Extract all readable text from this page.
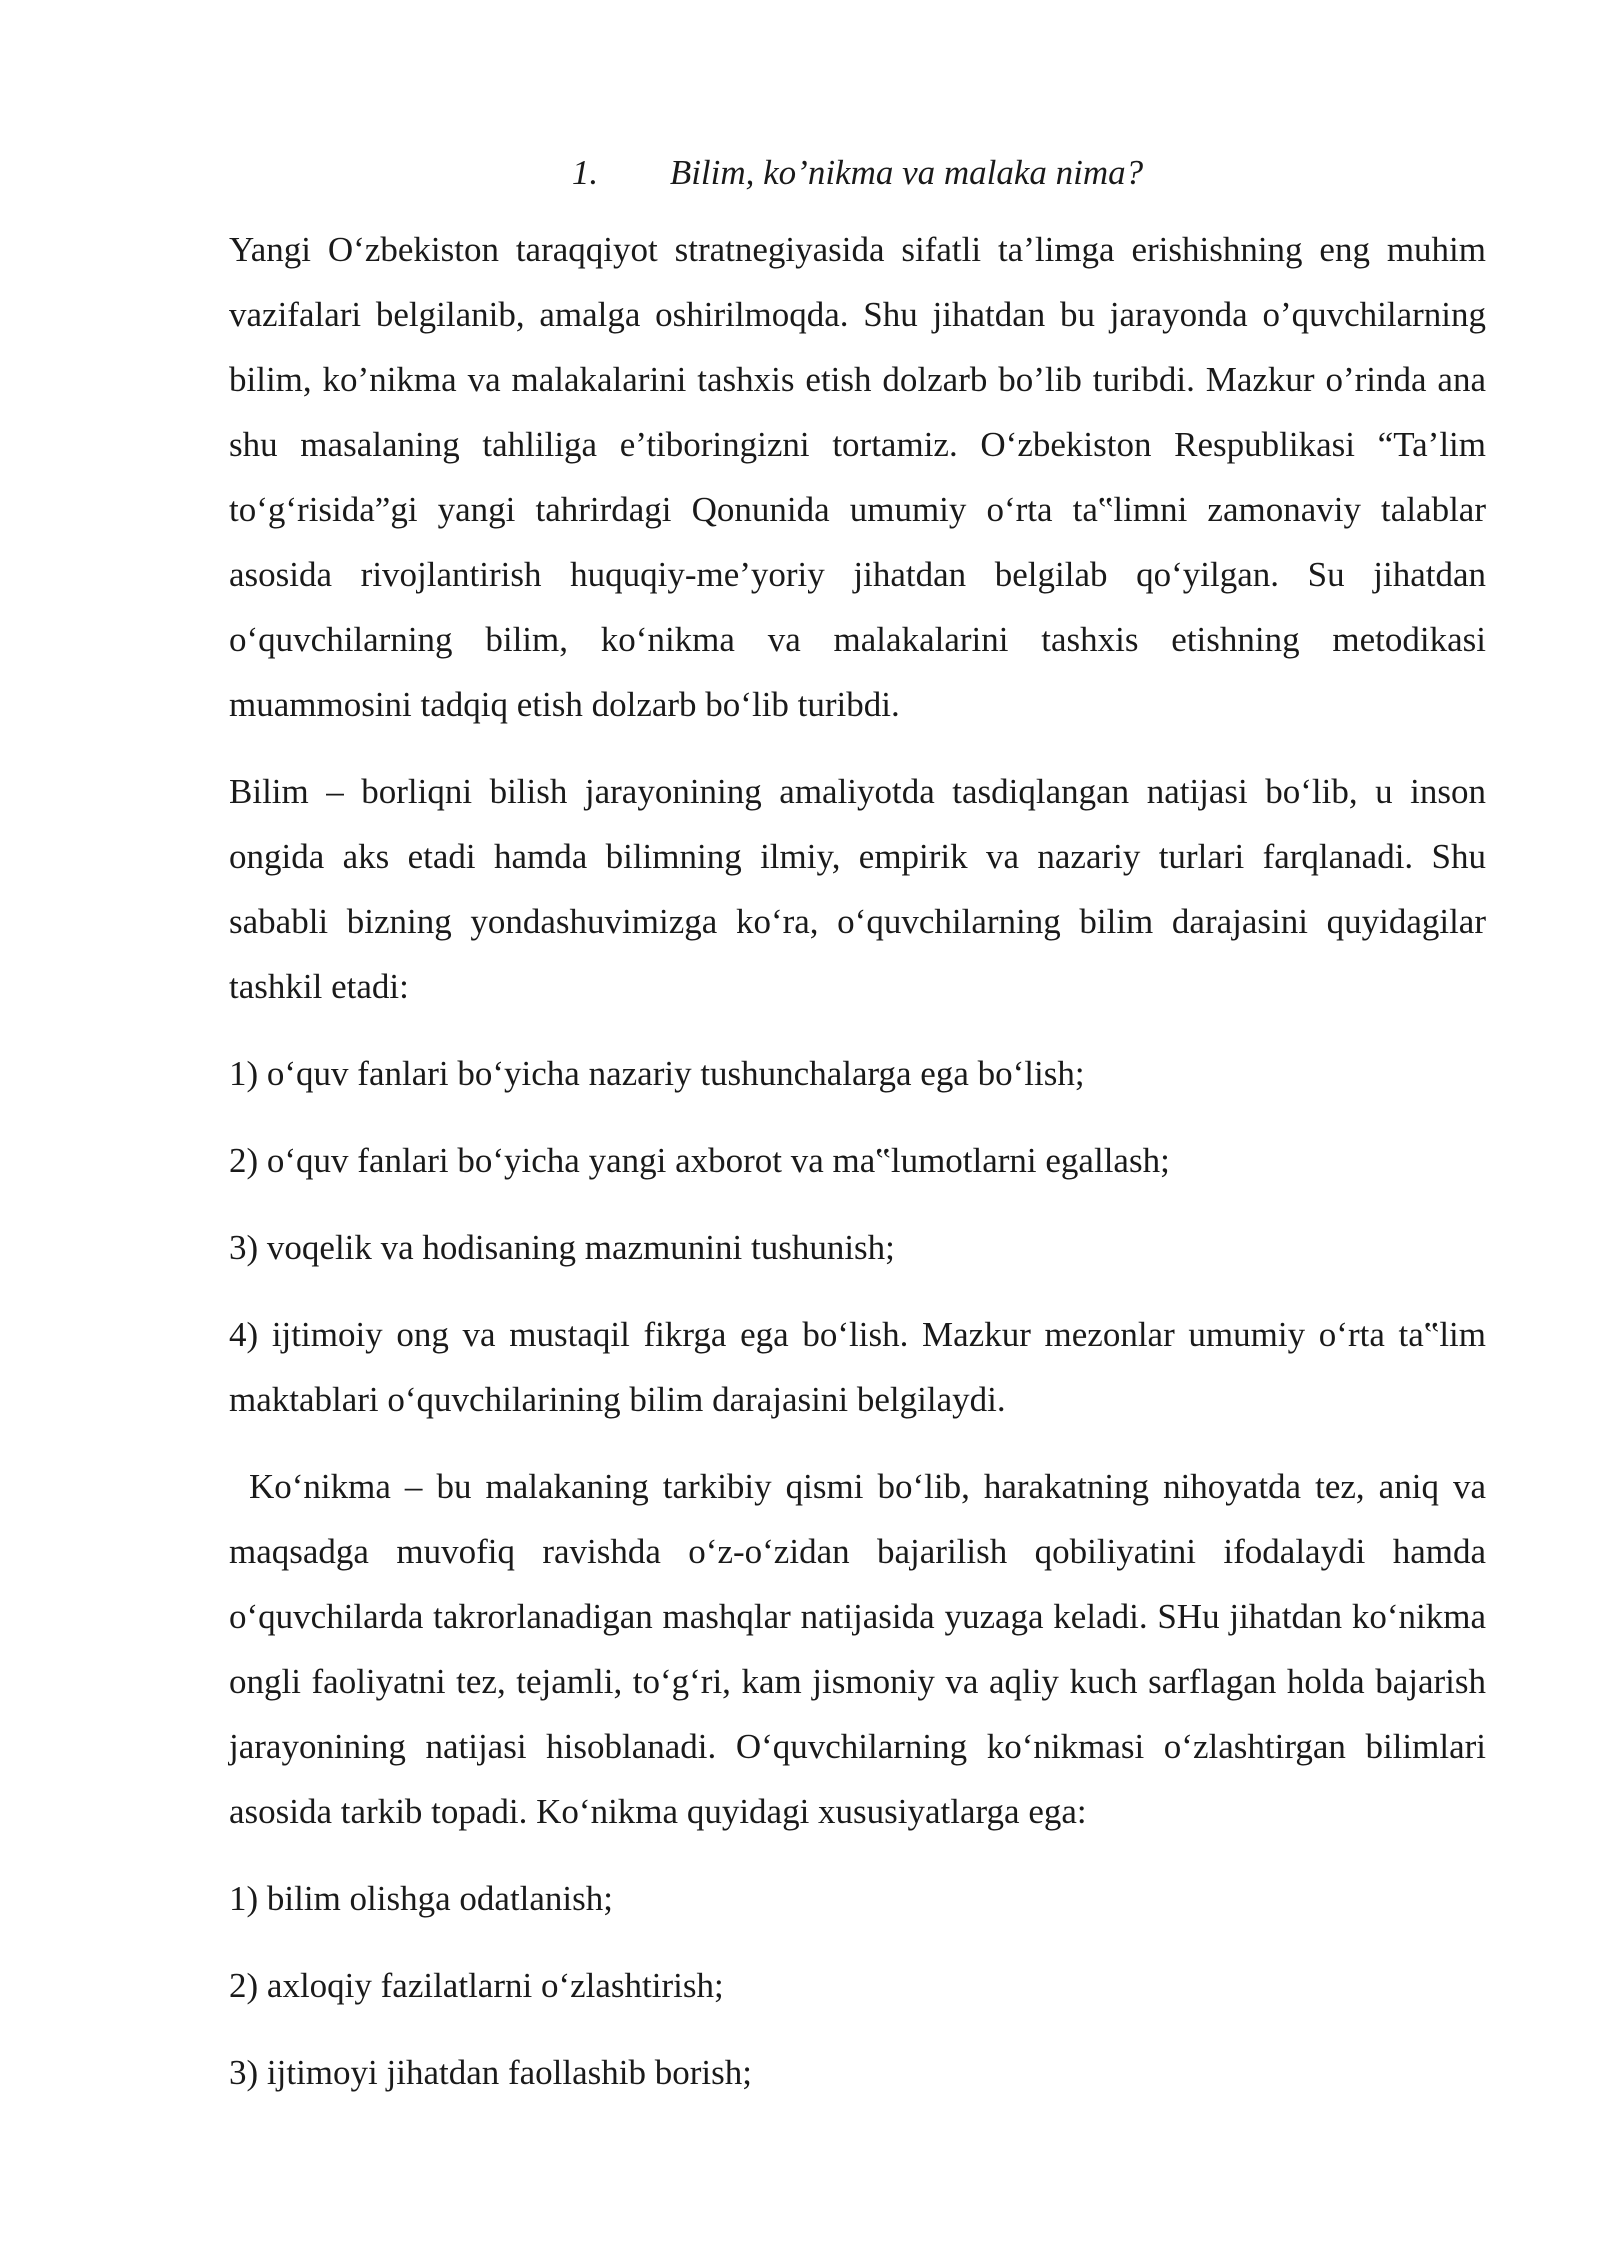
1. Bilim, ko’nikma va malaka nima?

Yangi O‘zbekiston taraqqiyot stratnegiyasida sifatli ta’limga erishishning eng muhim vazifalari belgilanib, amalga oshirilmoqda. Shu jihatdan bu jarayonda o’quvchilarning bilim, ko’nikma va malakalarini tashxis etish dolzarb bo’lib turibdi. Mazkur o’rinda ana shu masalaning tahliliga e’tiboringizni tortamiz. O‘zbekiston Respublikasi “Ta’lim to‘g‘risida”gi yangi tahrirdagi Qonunida umumiy o‘rta ta‟limni zamonaviy talablar asosida rivojlantirish huquqiy-me’yoriy jihatdan belgilab qo‘yilgan. Su jihatdan o‘quvchilarning bilim, ko‘nikma va malakalarini tashxis etishning metodikasi muammosini tadqiq etish dolzarb bo‘lib turibdi.

Bilim – borliqni bilish jarayonining amaliyotda tasdiqlangan natijasi bo‘lib, u inson ongida aks etadi hamda bilimning ilmiy, empirik va nazariy turlari farqlanadi. Shu sababli bizning yondashuvimizga ko‘ra, o‘quvchilarning bilim darajasini quyidagilar tashkil etadi:

1) o‘quv fanlari bo‘yicha nazariy tushunchalarga ega bo‘lish;

2) o‘quv fanlari bo‘yicha yangi axborot va ma‟lumotlarni egallash;

3) voqelik va hodisaning mazmunini tushunish;

4) ijtimoiy ong va mustaqil fikrga ega bo‘lish. Mazkur mezonlar umumiy o‘rta ta‟lim maktablari o‘quvchilarining bilim darajasini belgilaydi.

Ko‘nikma – bu malakaning tarkibiy qismi bo‘lib, harakatning nihoyatda tez, aniq va maqsadga muvofiq ravishda o‘z-o‘zidan bajarilish qobiliyatini ifodalaydi hamda o‘quvchilarda takrorlanadigan mashqlar natijasida yuzaga keladi. SHu jihatdan ko‘nikma ongli faoliyatni tez, tejamli, to‘g‘ri, kam jismoniy va aqliy kuch sarflagan holda bajarish jarayonining natijasi hisoblanadi. O‘quvchilarning ko‘nikmasi o‘zlashtirgan bilimlari asosida tarkib topadi. Ko‘nikma quyidagi xususiyatlarga ega:

1) bilim olishga odatlanish;

2) axloqiy fazilatlarni o‘zlashtirish;

3) ijtimoyi jihatdan faollashib borish;
